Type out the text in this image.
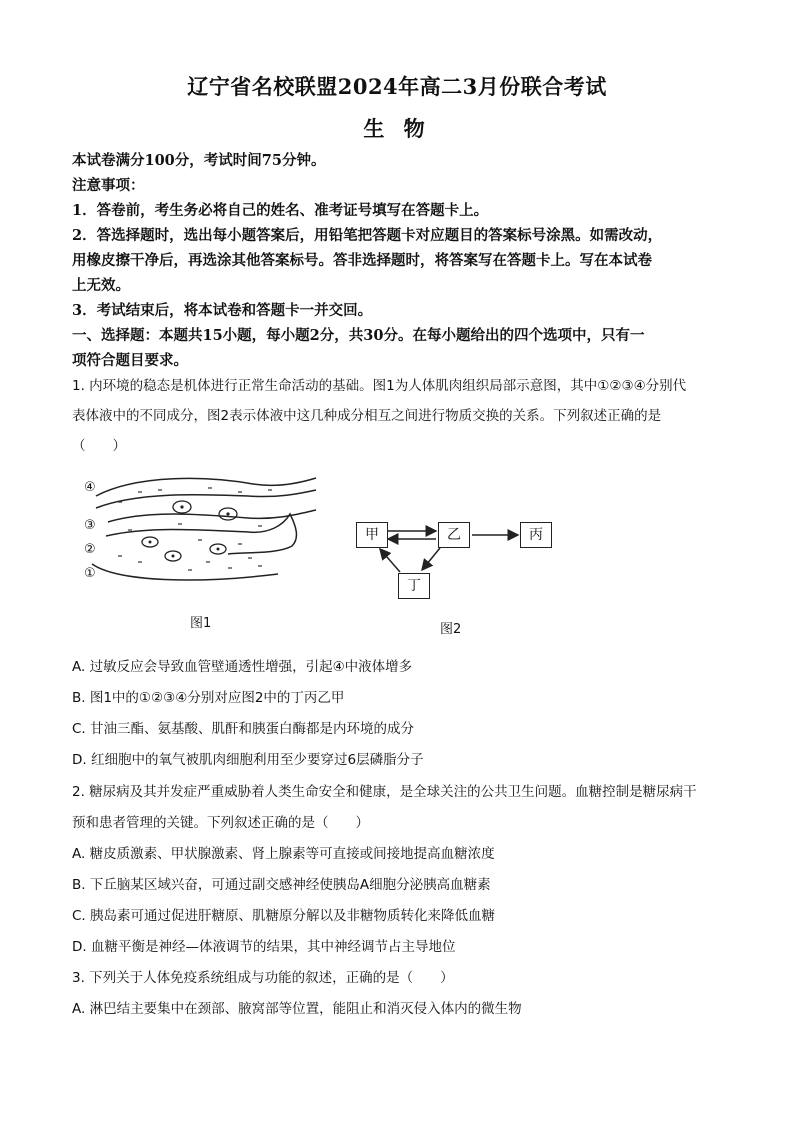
辽宁省名校联盟2024年高二3月份联合考试
生 物
本试卷满分100分，考试时间75分钟。
注意事项：
1．答卷前，考生务必将自己的姓名、准考证号填写在答题卡上。
2．答选择题时，选出每小题答案后，用铅笔把答题卡对应题目的答案标号涂黑。如需改动，
用橡皮擦干净后，再选涂其他答案标号。答非选择题时，将答案写在答题卡上。写在本试卷
上无效。
3．考试结束后，将本试卷和答题卡一并交回。
一、选择题：本题共15小题，每小题2分，共30分。在每小题给出的四个选项中，只有一
项符合题目要求。
1. 内环境的稳态是机体进行正常生命活动的基础。图1为人体肌肉组织局部示意图，其中①②③④分别代
表体液中的不同成分，图2表示体液中这几种成分相互之间进行物质交换的关系。下列叙述正确的是
（　　）
④
③
②
①
图1
甲	乙	丙
丁
图2
A. 过敏反应会导致血管壁通透性增强，引起④中液体增多
B. 图1中的①②③④分别对应图2中的丁丙乙甲
C. 甘油三酯、氨基酸、肌酐和胰蛋白酶都是内环境的成分
D. 红细胞中的氧气被肌肉细胞利用至少要穿过6层磷脂分子
2. 糖尿病及其并发症严重威胁着人类生命安全和健康，是全球关注的公共卫生问题。血糖控制是糖尿病干
预和患者管理的关键。下列叙述正确的是（　　）
A. 糖皮质激素、甲状腺激素、肾上腺素等可直接或间接地提高血糖浓度
B. 下丘脑某区域兴奋，可通过副交感神经使胰岛A细胞分泌胰高血糖素
C. 胰岛素可通过促进肝糖原、肌糖原分解以及非糖物质转化来降低血糖
D. 血糖平衡是神经—体液调节的结果，其中神经调节占主导地位
3. 下列关于人体免疫系统组成与功能的叙述，正确的是（　　）
A. 淋巴结主要集中在颈部、腋窝部等位置，能阻止和消灭侵入体内的微生物
